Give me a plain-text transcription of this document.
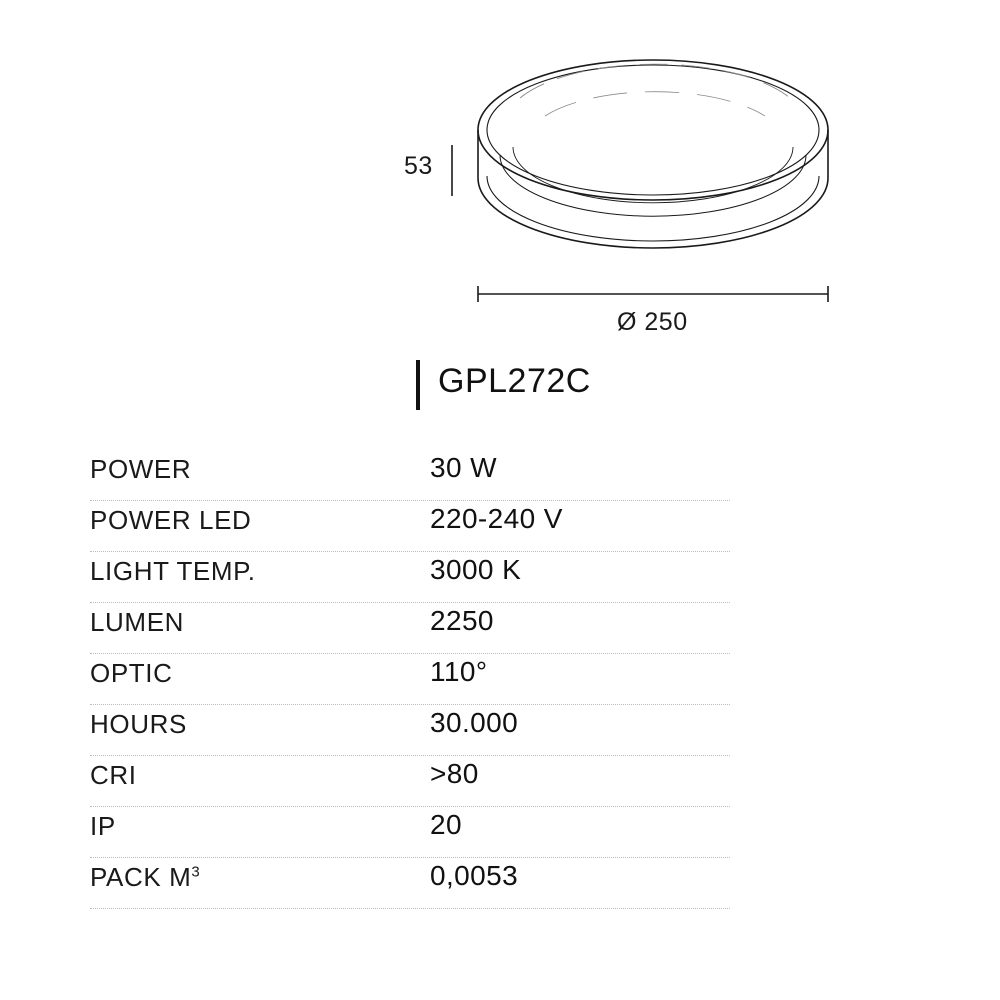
53
Ø 250
GPL272C
POWER	30 W
POWER LED	220-240 V
LIGHT TEMP.	3000 K
LUMEN	2250
OPTIC	110°
HOURS	30.000
CRI	>80
IP	20
PACK $M^3$	0,0053
